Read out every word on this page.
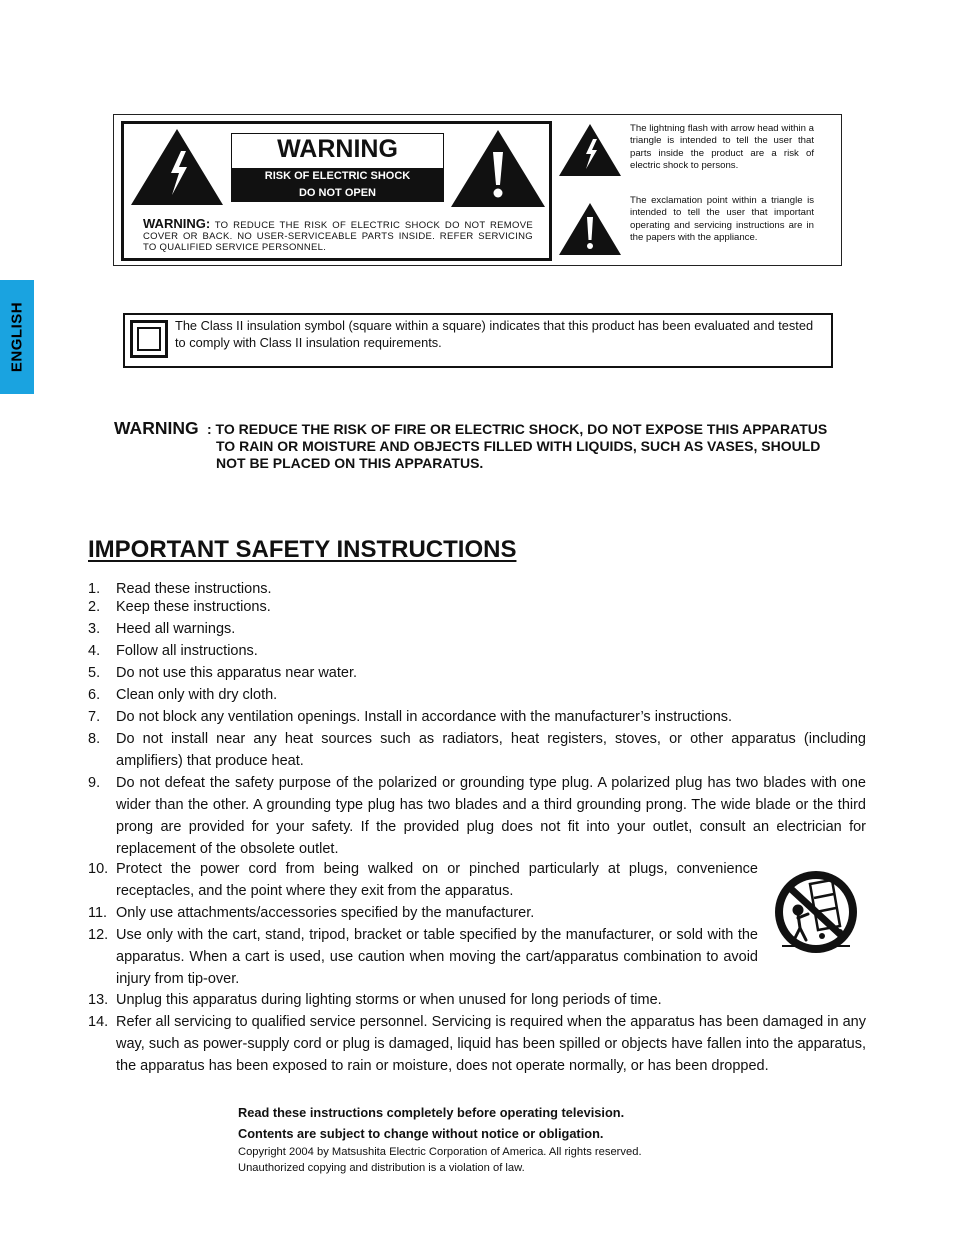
ENGLISH
WARNING
RISK OF ELECTRIC SHOCK
DO NOT OPEN
WARNING: TO REDUCE THE RISK OF ELECTRIC SHOCK DO NOT REMOVE COVER OR BACK. NO USER-SERVICEABLE PARTS INSIDE. REFER SERVICING TO QUALIFIED SERVICE PERSONNEL.
The lightning flash with arrow head within a triangle is intended to tell the user that parts inside the product are a risk of electric shock to persons.
The exclamation point within a triangle is intended to tell the user that important operating and servicing instructions are in the papers with the appliance.
The Class II insulation symbol (square within a square) indicates that this product has been evaluated and tested to comply with Class II insulation requirements.
WARNING : TO REDUCE THE RISK OF FIRE OR ELECTRIC SHOCK, DO NOT EXPOSE THIS APPARATUS TO RAIN OR MOISTURE AND OBJECTS FILLED WITH LIQUIDS, SUCH AS VASES, SHOULD NOT BE PLACED ON THIS APPARATUS.
IMPORTANT SAFETY INSTRUCTIONS
1. Read these instructions.
2. Keep these instructions.
3. Heed all warnings.
4. Follow all instructions.
5. Do not use this apparatus near water.
6. Clean only with dry cloth.
7. Do not block any ventilation openings. Install in accordance with the manufacturer’s instructions.
8. Do not install near any heat sources such as radiators, heat registers, stoves, or other apparatus (including amplifiers) that produce heat.
9. Do not defeat the safety purpose of the polarized or grounding type plug. A polarized plug has two blades with one wider than the other. A grounding type plug has two blades and a third grounding prong. The wide blade or the third prong are provided for your safety. If the provided plug does not fit into your outlet, consult an electrician for replacement of the obsolete outlet.
10. Protect the power cord from being walked on or pinched particularly at plugs, convenience receptacles, and the point where they exit from the apparatus.
11. Only use attachments/accessories specified by the manufacturer.
12. Use only with the cart, stand, tripod, bracket or table specified by the manufacturer, or sold with the apparatus. When a cart is used, use caution when moving the cart/apparatus combination to avoid injury from tip-over.
13. Unplug this apparatus during lighting storms or when unused for long periods of time.
14. Refer all servicing to qualified service personnel. Servicing is required when the apparatus has been damaged in any way, such as power-supply cord or plug is damaged, liquid has been spilled or objects have fallen into the apparatus, the apparatus has been exposed to rain or moisture, does not operate normally, or has been dropped.
Read these instructions completely before operating television.
Contents are subject to change without notice or obligation.
Copyright 2004 by Matsushita Electric Corporation of America. All rights reserved.
Unauthorized copying and distribution is a violation of law.
